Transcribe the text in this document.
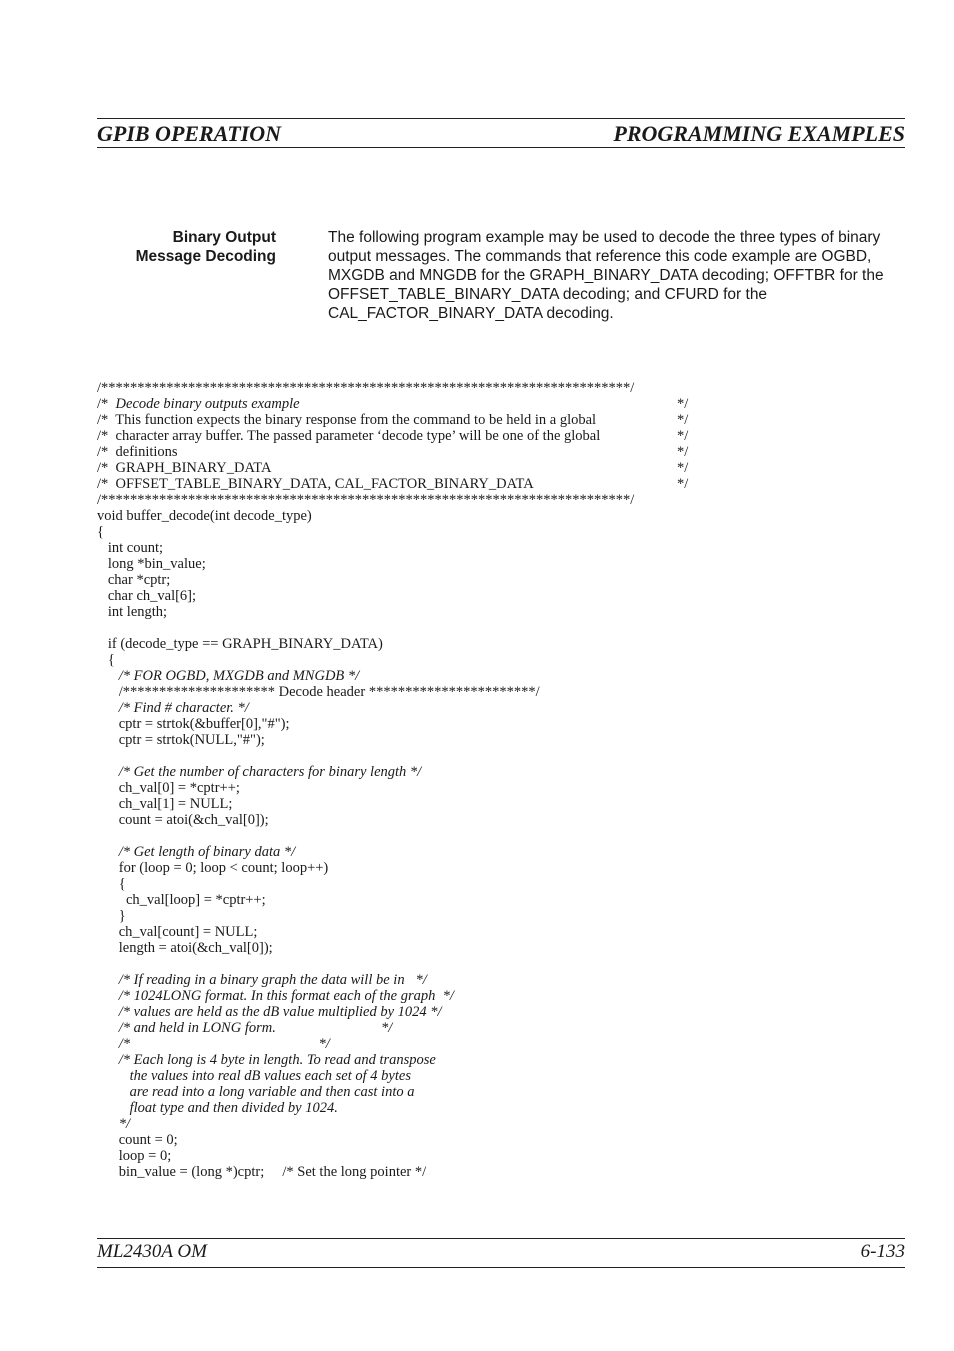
GPIB OPERATION	PROGRAMMING EXAMPLES
Binary Output
Message Decoding
The following program example may be used to decode the three types of binary
output messages. The commands that reference this code example are OGBD,
MXGDB and MNGDB for the GRAPH_BINARY_DATA decoding; OFFTBR for the
OFFSET_TABLE_BINARY_DATA decoding; and CFURD for the
CAL_FACTOR_BINARY_DATA decoding.
/*************************************************************************/
/*  Decode binary outputs example	*/
/*  This function expects the binary response from the command to be held in a global	*/
/*  character array buffer. The passed parameter ‘decode type’ will be one of the global	*/
/*  definitions	*/
/*  GRAPH_BINARY_DATA	*/
/*  OFFSET_TABLE_BINARY_DATA, CAL_FACTOR_BINARY_DATA	*/
/*************************************************************************/
void buffer_decode(int decode_type)
{
int count;
long *bin_value;
char *cptr;
char ch_val[6];
int length;
if (decode_type == GRAPH_BINARY_DATA)
{
/* FOR OGBD, MXGDB and MNGDB */
/********************* Decode header ***********************/
/* Find # character. */
cptr = strtok(&buffer[0],"#");
cptr = strtok(NULL,"#");
/* Get the number of characters for binary length */
ch_val[0] = *cptr++;
ch_val[1] = NULL;
count = atoi(&ch_val[0]);
/* Get length of binary data */
for (loop = 0; loop < count; loop++)
{
ch_val[loop] = *cptr++;
}
ch_val[count] = NULL;
length = atoi(&ch_val[0]);
/* If reading in a binary graph the data will be in   */
/* 1024LONG format. In this format each of the graph  */
/* values are held as the dB value multiplied by 1024 */
/* and held in LONG form.                             */
/*                                                    */
/* Each long is 4 byte in length. To read and transpose
the values into real dB values each set of 4 bytes
are read into a long variable and then cast into a
float type and then divided by 1024.
*/
count = 0;
loop = 0;
bin_value = (long *)cptr;     /* Set the long pointer */
ML2430A OM	6-133
